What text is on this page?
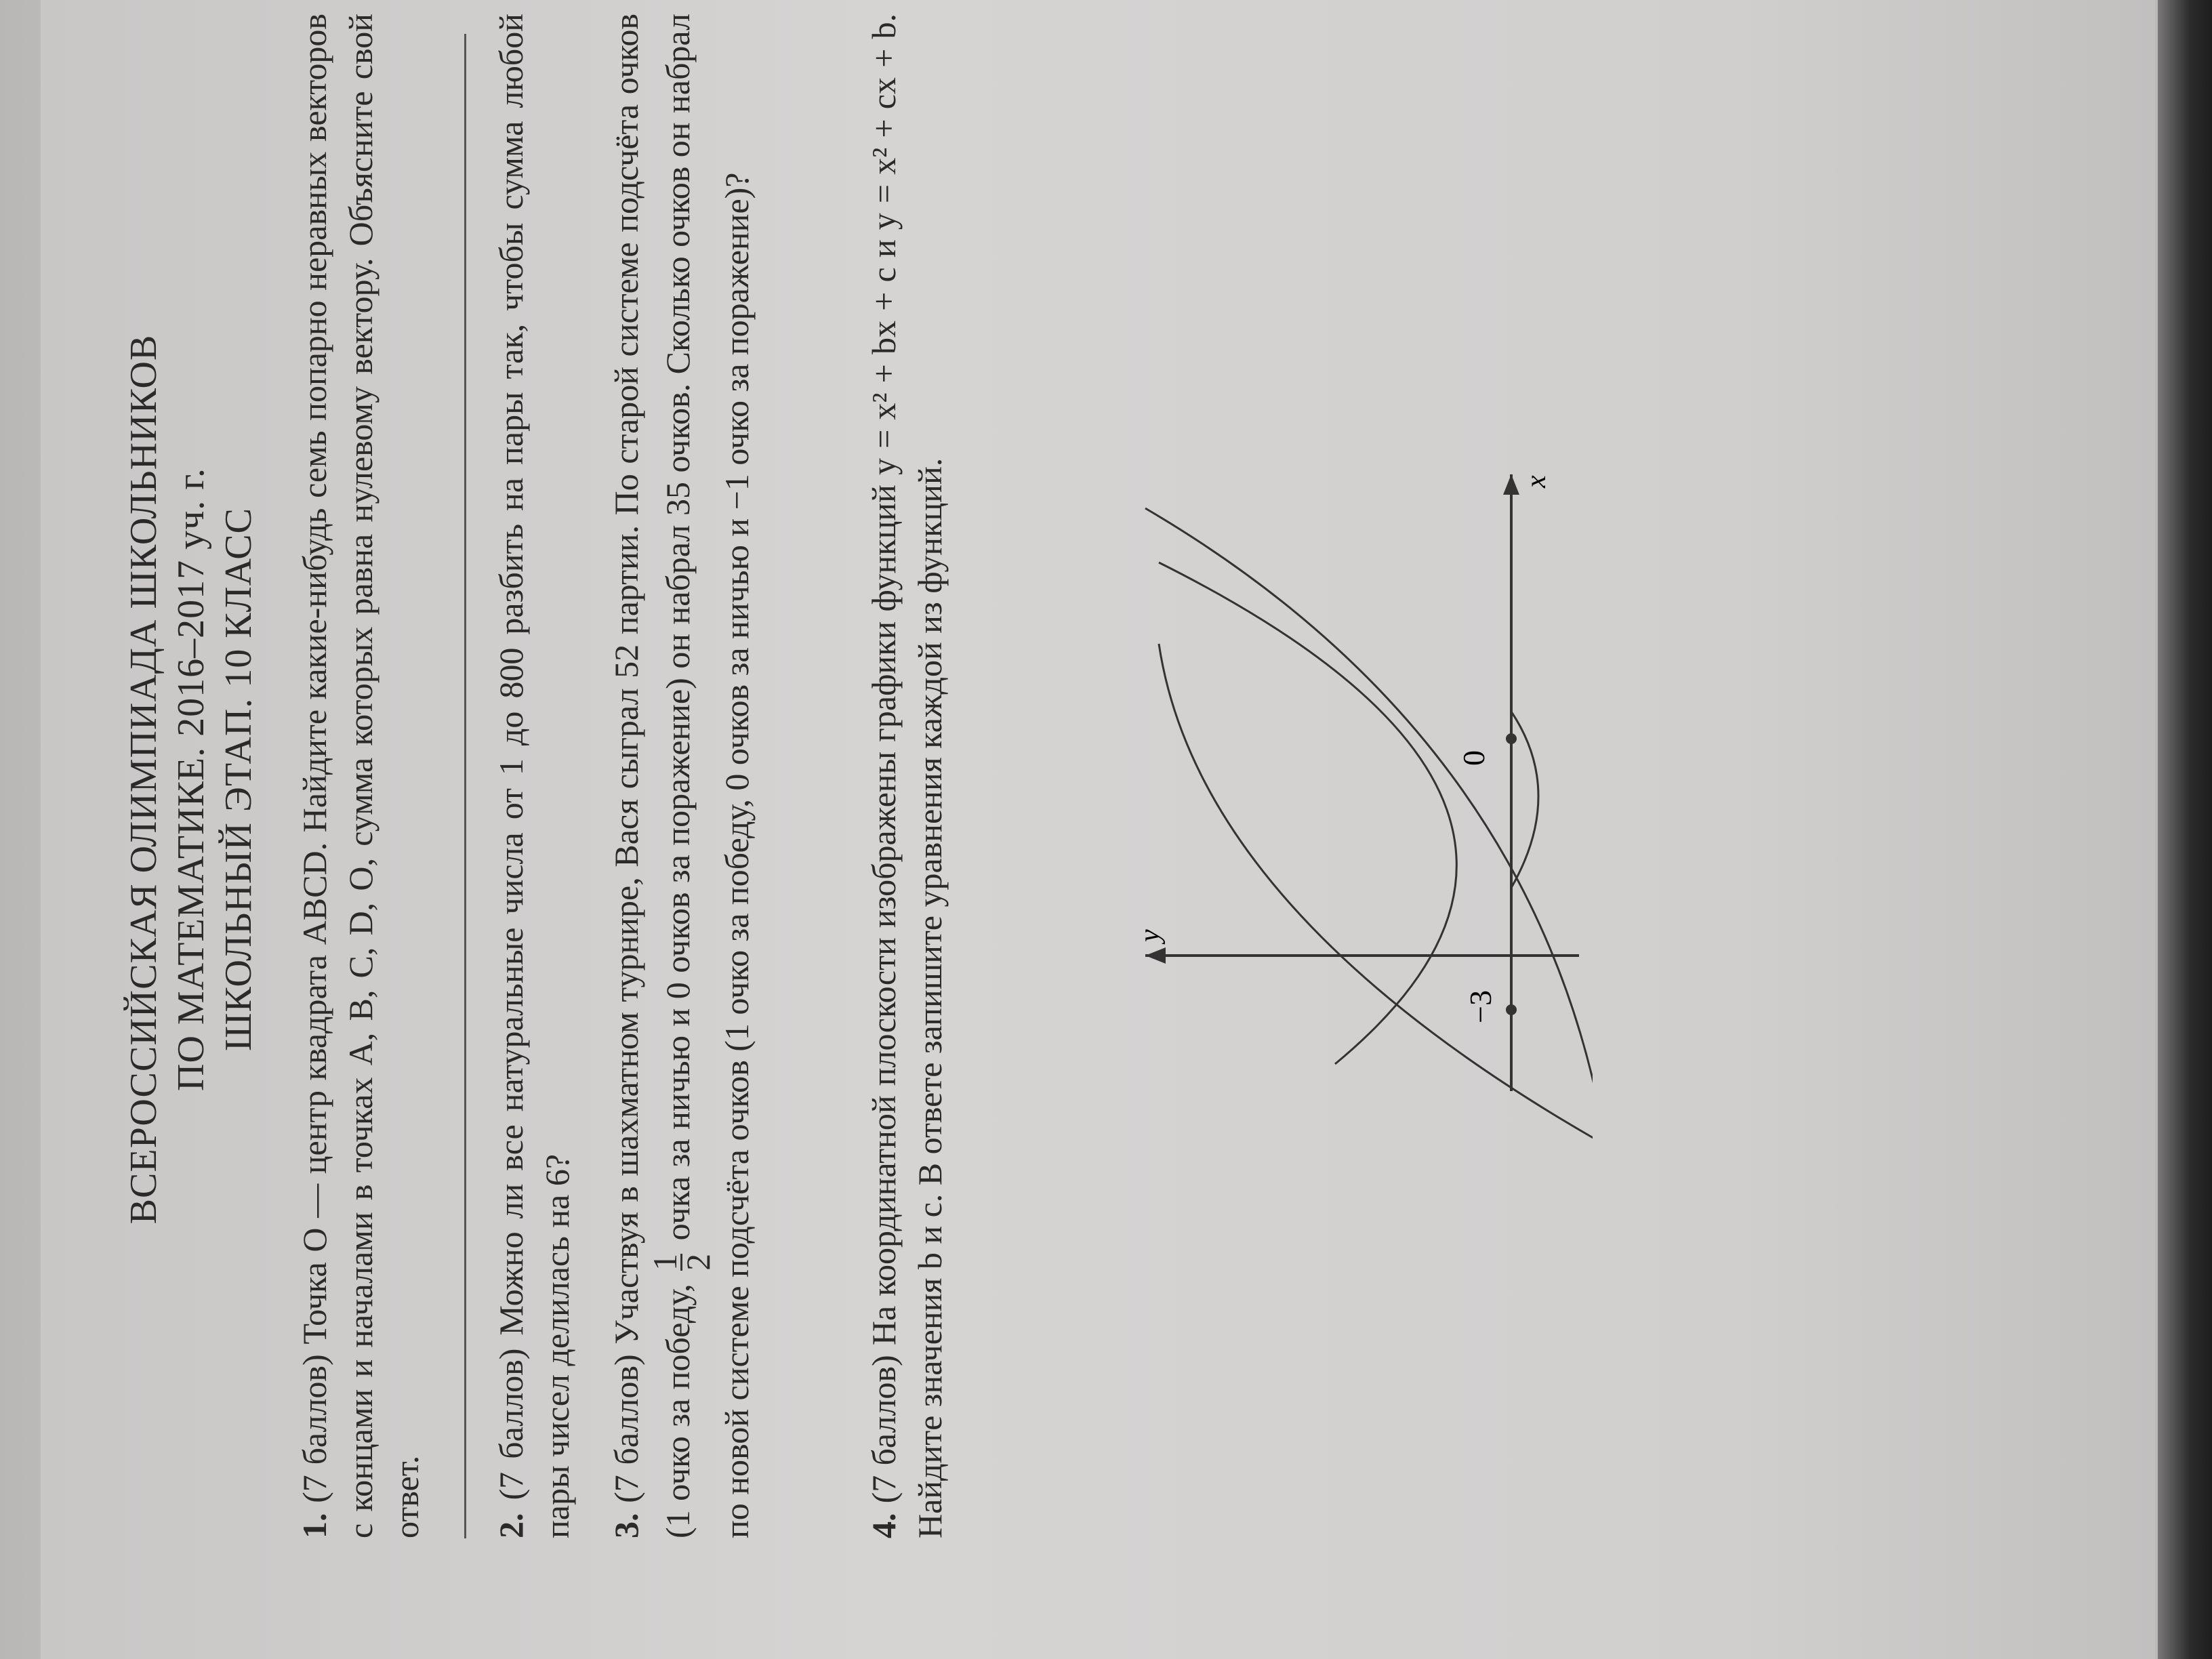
ВСЕРОССИЙСКАЯ ОЛИМПИАДА ШКОЛЬНИКОВ ПО МАТЕМАТИКЕ. 2016–2017 уч. г. ШКОЛЬНЫЙ ЭТАП. 10 КЛАСС
1. (7 баллов) Точка O — центр квадрата ABCD. Найдите какие-нибудь семь попарно неравных векторов с концами и началами в точках A, B, C, D, O, сумма которых равна нулевому вектору. Объясните свой ответ. 2. (7 баллов) Можно ли все натуральные числа от 1 до 800 разбить на пары так, чтобы сумма любой пары чисел делилась на 6? 3. (7 баллов) Участвуя в шахматном турнире, Вася сыграл 52 партии. По старой системе подсчёта очков (1 очко за победу,
1
2
очка за ничью и 0 очков за поражение) он набрал 35 очков. Сколько очков он набрал по новой системе подсчёта очков (1 очко за победу, 0 очков за ничью и −1 очко за поражение)?	4. (7 баллов) На координатной плоскости изображены графики функций y = x² + bx + c и y = x² + cx + b. Найдите значения b и c. В ответе запишите уравнения каждой из функций.	−3
0
y
x
